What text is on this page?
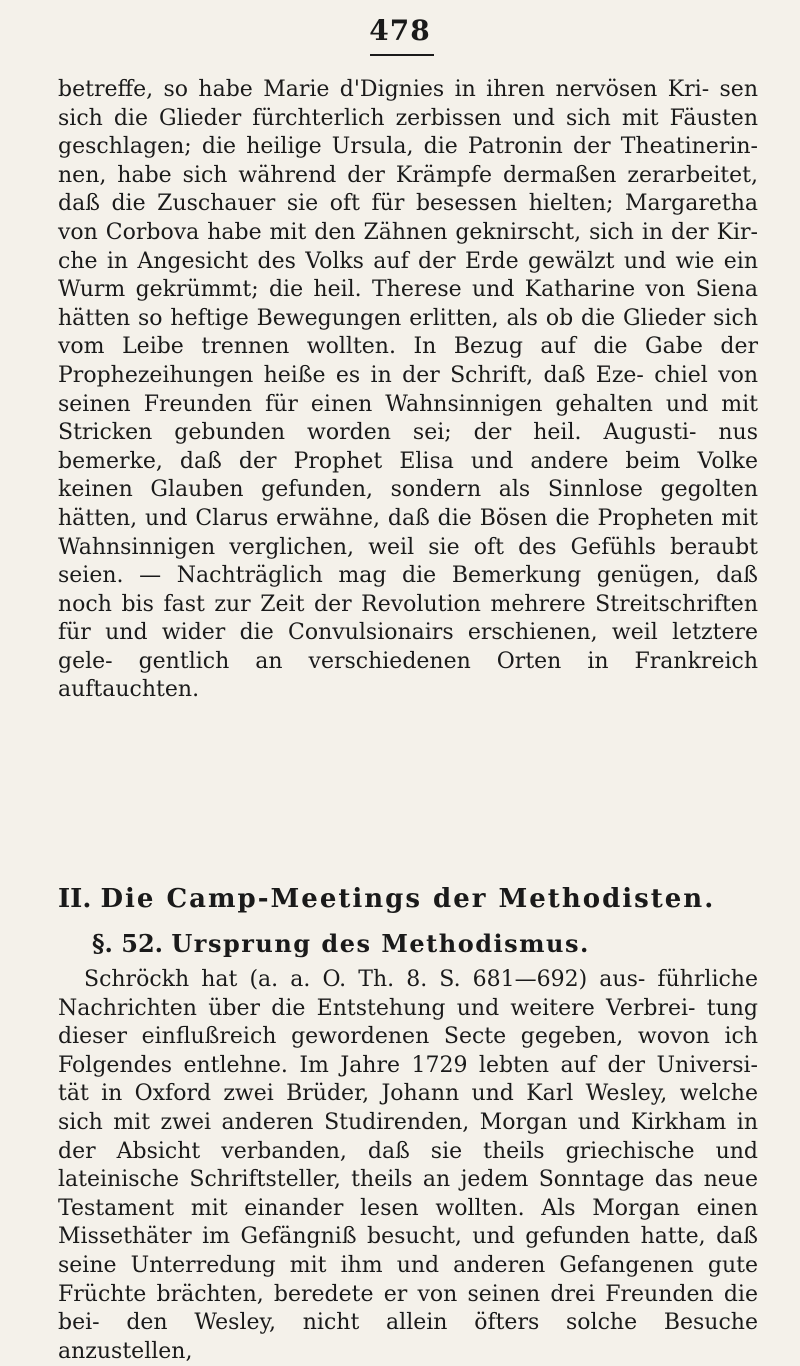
478

betreffe, so habe Marie d'Dignies in ihren nervösen Kri- sen sich die Glieder fürchterlich zerbissen und sich mit Fäusten geschlagen; die heilige Ursula, die Patronin der Theatinerin- nen, habe sich während der Krämpfe dermaßen zerarbeitet, daß die Zuschauer sie oft für besessen hielten; Margaretha von Corbova habe mit den Zähnen geknirscht, sich in der Kir- che in Angesicht des Volks auf der Erde gewälzt und wie ein Wurm gekrümmt; die heil. Therese und Katharine von Siena hätten so heftige Bewegungen erlitten, als ob die Glieder sich vom Leibe trennen wollten. In Bezug auf die Gabe der Prophezeihungen heiße es in der Schrift, daß Eze- chiel von seinen Freunden für einen Wahnsinnigen gehalten und mit Stricken gebunden worden sei; der heil. Augusti- nus bemerke, daß der Prophet Elisa und andere beim Volke keinen Glauben gefunden, sondern als Sinnlose gegolten hätten, und Clarus erwähne, daß die Bösen die Propheten mit Wahnsinnigen verglichen, weil sie oft des Gefühls beraubt seien. — Nachträglich mag die Bemerkung genügen, daß noch bis fast zur Zeit der Revolution mehrere Streitschriften für und wider die Convulsionairs erschienen, weil letztere gele- gentlich an verschiedenen Orten in Frankreich auftauchten.

II. Die Camp-Meetings der Methodisten.
§. 52. Ursprung des Methodismus.

Schröckh hat (a. a. O. Th. 8. S. 681—692) aus- führliche Nachrichten über die Entstehung und weitere Verbrei- tung dieser einflußreich gewordenen Secte gegeben, wovon ich Folgendes entlehne. Im Jahre 1729 lebten auf der Universi- tät in Oxford zwei Brüder, Johann und Karl Wesley, welche sich mit zwei anderen Studirenden, Morgan und Kirkham in der Absicht verbanden, daß sie theils griechische und lateinische Schriftsteller, theils an jedem Sonntage das neue Testament mit einander lesen wollten. Als Morgan einen Missethäter im Gefängniß besucht, und gefunden hatte, daß seine Unterredung mit ihm und anderen Gefangenen gute Früchte brächten, beredete er von seinen drei Freunden die bei- den Wesley, nicht allein öfters solche Besuche anzustellen,
